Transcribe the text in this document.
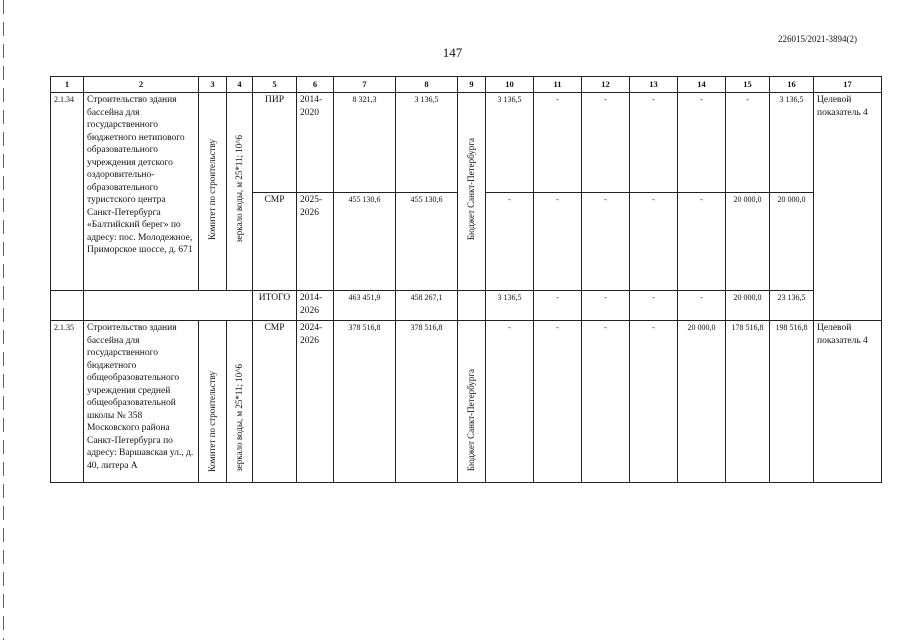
226015/2021-3894(2)
147
1	2	3	4	5	6	7	8	9	10	11	12	13	14	15	16	17
2.1.34	Строительство здания бассейна для государственного бюджетного нетипового образовательного учреждения детского оздоровительно-образовательного туристского центра Санкт-Петербурга «Балтийский берег» по адресу: пос. Молодежное, Приморское шоссе, д. 671	Комитет по строительству	зеркало воды, м 25*11; 10^6	ПИР	2014-2020	8 321,3	3 136,5	Бюджет Санкт-Петербурга	3 136,5	-	-	-	-	-	3 136,5	Целевой показатель 4
				СМР	2025-2026	455 130,6	455 130,6		-	-	-	-	-	20 000,0	20 000,0	
				ИТОГО	2014-2026	463 451,9	458 267,1		3 136,5	-	-	-	-	20 000,0	23 136,5	
2.1.35	Строительство здания бассейна для государственного бюджетного общеобразовательного учреждения средней общеобразовательной школы № 358 Московского района Санкт-Петербурга по адресу: Варшавская ул., д. 40, литера А	Комитет по строительству	зеркало воды, м 25*11; 10^6	СМР	2024-2026	378 516,8	378 516,8	Бюджет Санкт-Петербурга	-	-	-	-	20 000,0	178 516,8	198 516,8	Целевой показатель 4
